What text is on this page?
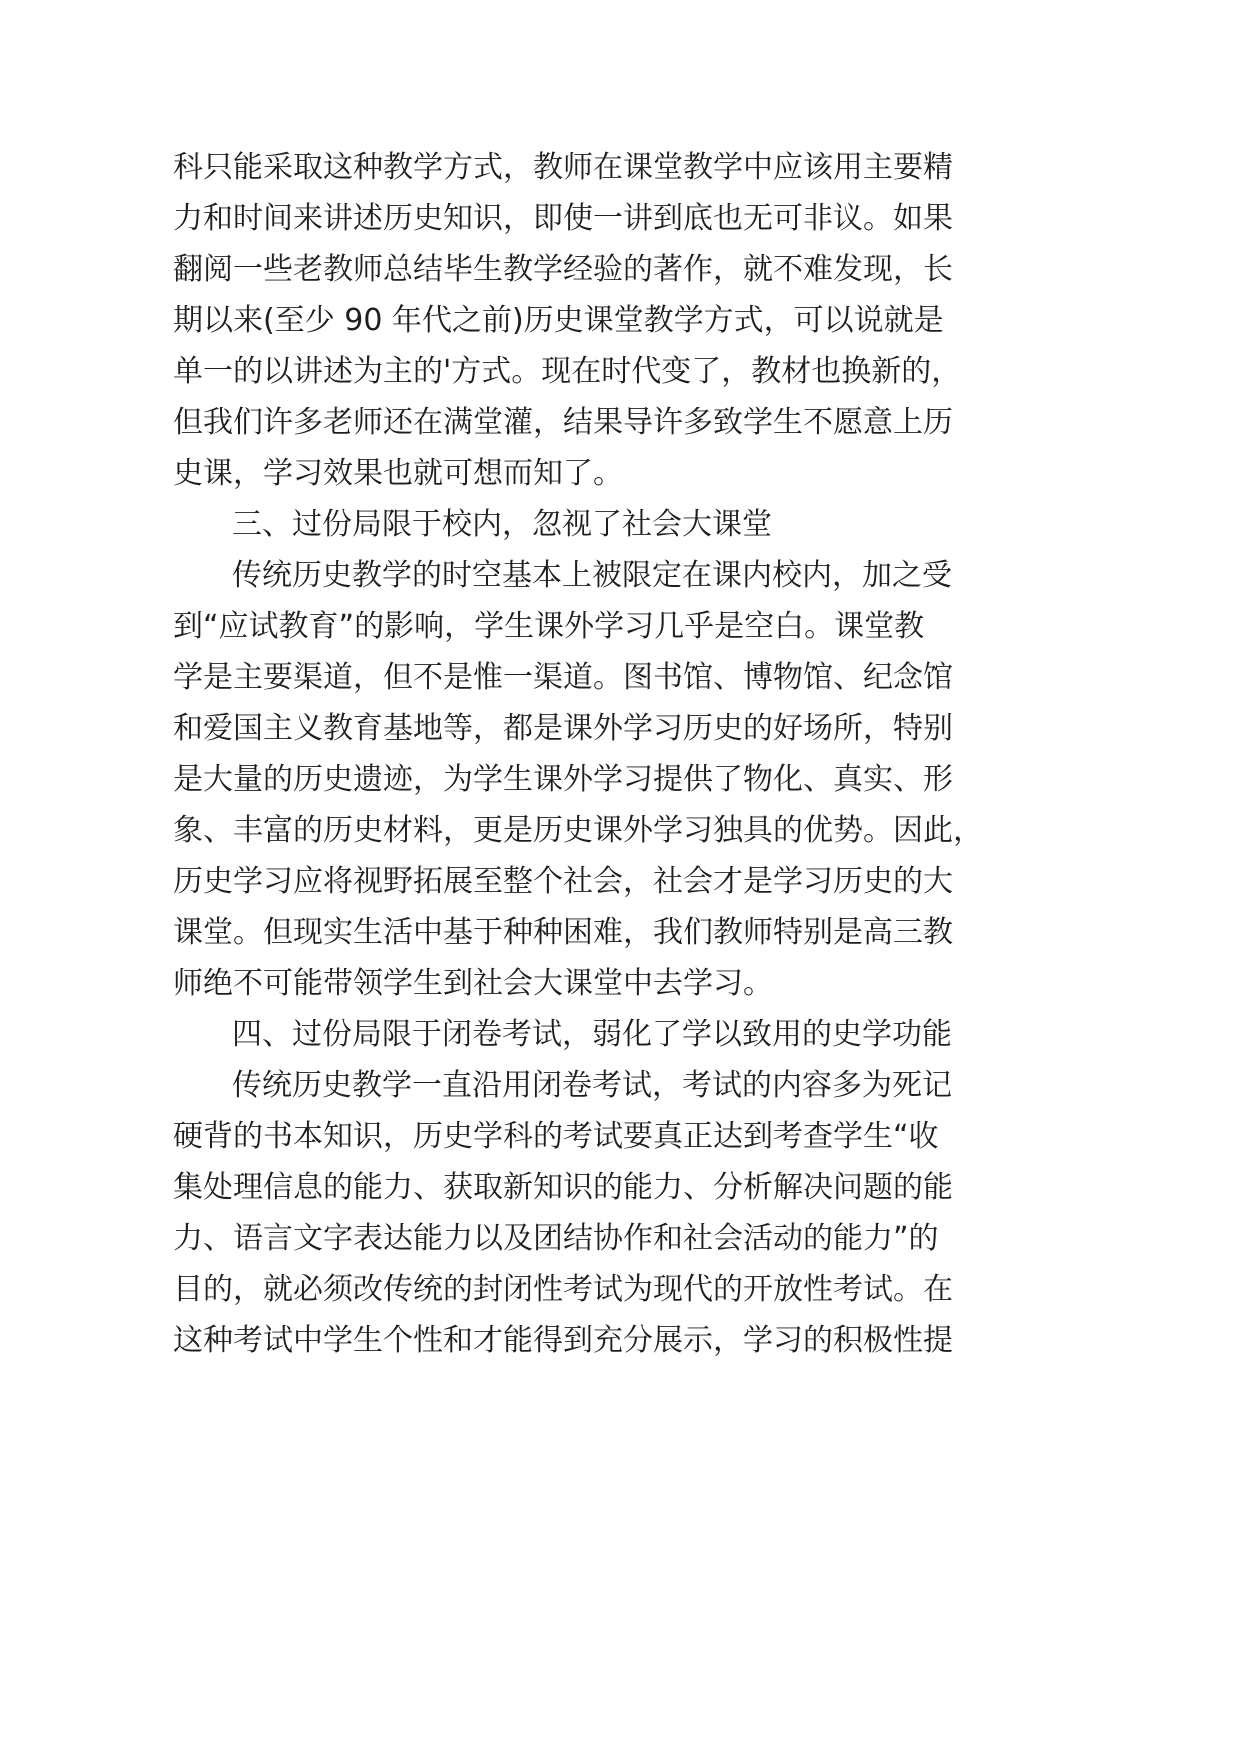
科只能采取这种教学方式，教师在课堂教学中应该用主要精
力和时间来讲述历史知识，即使一讲到底也无可非议。如果
翻阅一些老教师总结毕生教学经验的著作，就不难发现，长
期以来(至少 90 年代之前)历史课堂教学方式，可以说就是
单一的以讲述为主的'方式。现在时代变了，教材也换新的，
但我们许多老师还在满堂灌，结果导许多致学生不愿意上历
史课，学习效果也就可想而知了。
三、过份局限于校内，忽视了社会大课堂
传统历史教学的时空基本上被限定在课内校内，加之受
到“应试教育”的影响，学生课外学习几乎是空白。课堂教
学是主要渠道，但不是惟一渠道。图书馆、博物馆、纪念馆
和爱国主义教育基地等，都是课外学习历史的好场所，特别
是大量的历史遗迹，为学生课外学习提供了物化、真实、形
象、丰富的历史材料，更是历史课外学习独具的优势。因此，
历史学习应将视野拓展至整个社会，社会才是学习历史的大
课堂。但现实生活中基于种种困难，我们教师特别是高三教
师绝不可能带领学生到社会大课堂中去学习。
四、过份局限于闭卷考试，弱化了学以致用的史学功能
传统历史教学一直沿用闭卷考试，考试的内容多为死记
硬背的书本知识，历史学科的考试要真正达到考查学生“收
集处理信息的能力、获取新知识的能力、分析解决问题的能
力、语言文字表达能力以及团结协作和社会活动的能力”的
目的，就必须改传统的封闭性考试为现代的开放性考试。在
这种考试中学生个性和才能得到充分展示，学习的积极性提
